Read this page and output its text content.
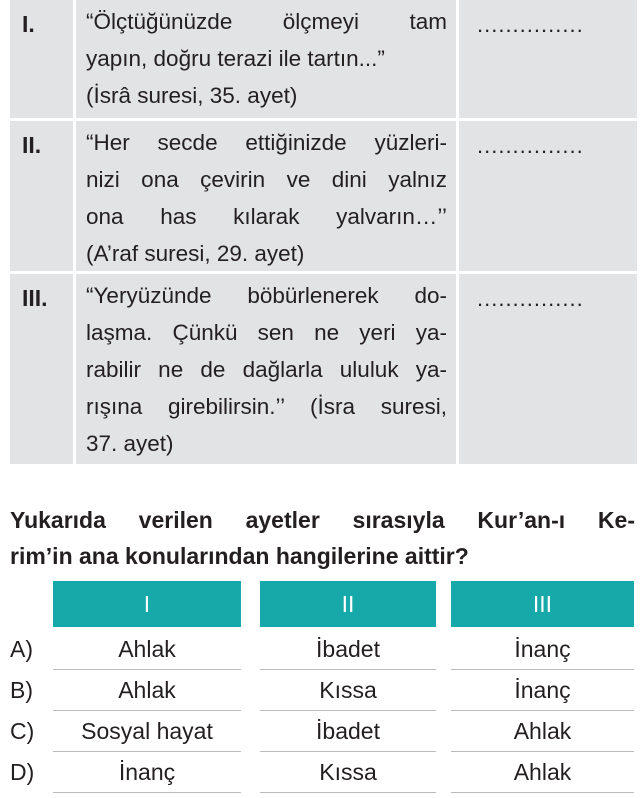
I.	“Ölçtüğünüzde ölçmeyi tam
yapın, doğru terazi ile tartın...”
(İsrâ suresi, 35. ayet)
...............
II.	“Her secde ettiğinizde yüzleri-
nizi ona çevirin ve dini yalnız
ona has kılarak yalvarın…’’
(A’raf suresi, 29. ayet)
...............
III.	“Yeryüzünde böbürlenerek do-
laşma. Çünkü sen ne yeri ya-
rabilir ne de dağlarla ululuk ya-
rışına girebilirsin.’’ (İsra suresi,
37. ayet)
...............
Yukarıda verilen ayetler sırasıyla Kur’an-ı Ke-
rim’in ana konularından hangilerine aittir?
I	II	III
A)	Ahlak	İbadet	İnanç
B)	Ahlak	Kıssa	İnanç
C)	Sosyal hayat	İbadet	Ahlak
D)	İnanç	Kıssa	Ahlak
